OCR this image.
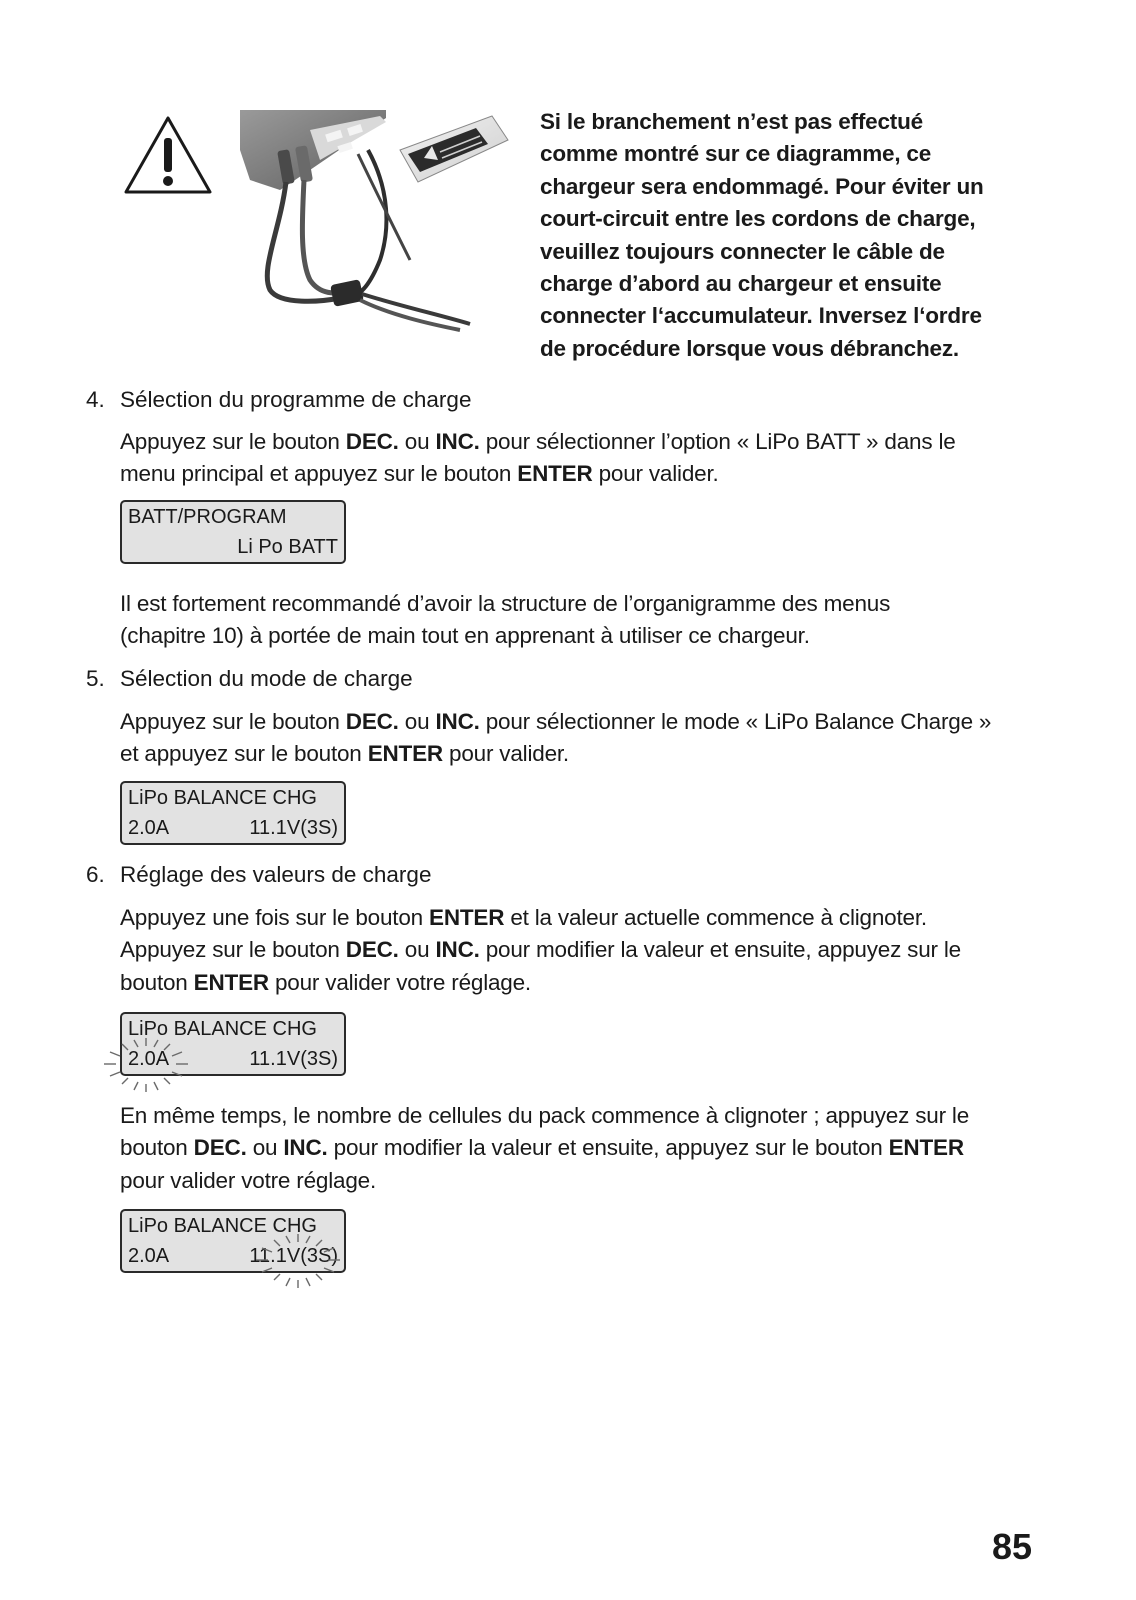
Si le branchement n’est pas effectué
comme montré sur ce diagramme, ce
chargeur sera endommagé. Pour éviter un
court-circuit entre les cordons de charge,
veuillez toujours connecter le câble de
charge d’abord au chargeur et ensuite
connecter l‘accumulateur. Inversez l‘ordre
de procédure lorsque vous débranchez.
4. Sélection du programme de charge
Appuyez sur le bouton DEC. ou INC. pour sélectionner l’option « LiPo BATT » dans le
menu principal et appuyez sur le bouton ENTER pour valider.
BATT/PROGRAM
Li Po BATT
Il est fortement recommandé d’avoir la structure de l’organigramme des menus
(chapitre 10) à portée de main tout en apprenant à utiliser ce chargeur.
5. Sélection du mode de charge
Appuyez sur le bouton DEC. ou INC. pour sélectionner le mode « LiPo Balance Charge »
et appuyez sur le bouton ENTER pour valider.
LiPo BALANCE CHG
2.0A	11.1V(3S)
6. Réglage des valeurs de charge
Appuyez une fois sur le bouton ENTER et la valeur actuelle commence à clignoter.
Appuyez sur le bouton DEC. ou INC. pour modifier la valeur et ensuite, appuyez sur le
bouton ENTER pour valider votre réglage.
LiPo BALANCE CHG
2.0A	11.1V(3S)
En même temps, le nombre de cellules du pack commence à clignoter ; appuyez sur le
bouton DEC. ou INC. pour modifier la valeur et ensuite, appuyez sur le bouton ENTER
pour valider votre réglage.
LiPo BALANCE CHG
2.0A	11.1V(3S)
85
